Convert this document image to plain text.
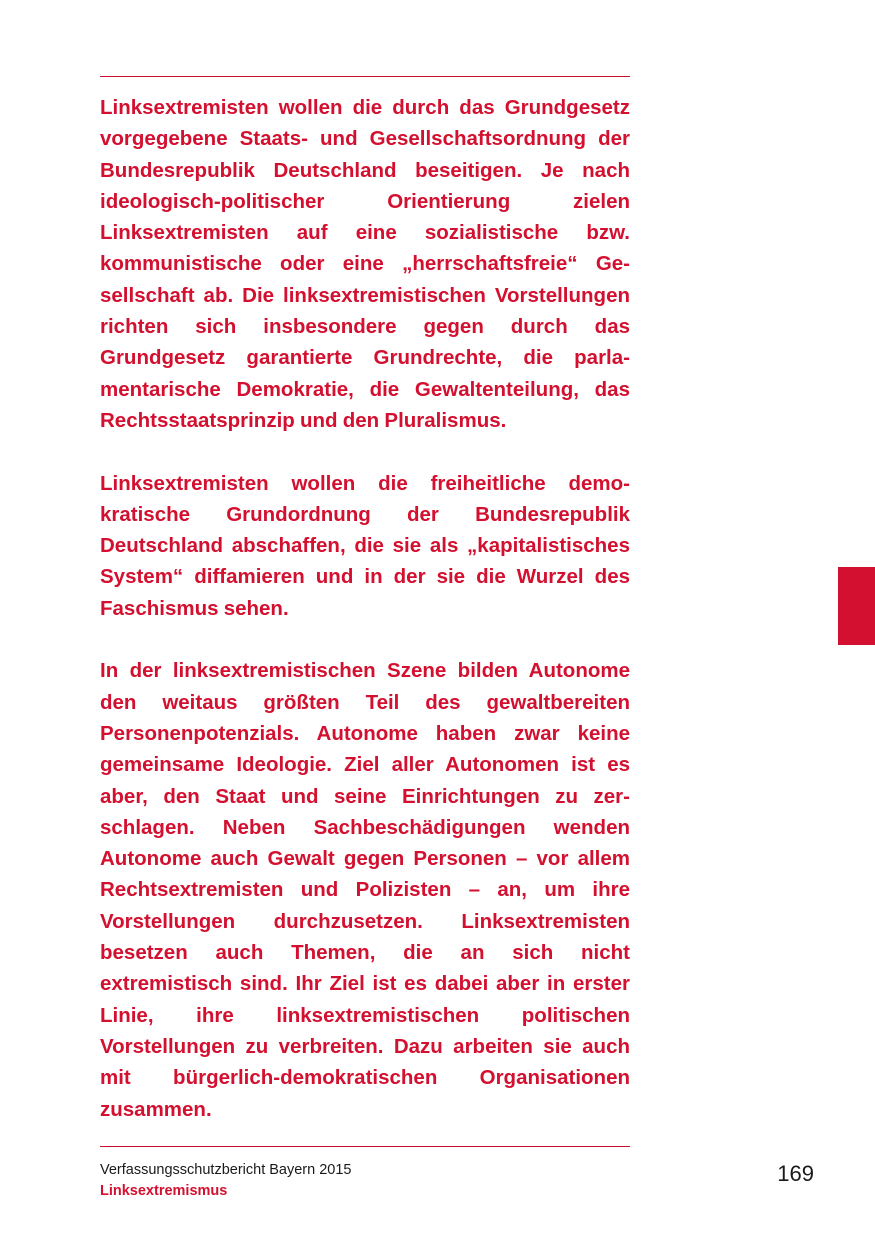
Linksextremisten wollen die durch das Grundgesetz vorgegebene Staats- und Gesellschaftsordnung der Bundesrepublik Deutschland beseitigen. Je nach ideologisch-politischer Orientierung zielen Linksextremisten auf eine sozialistische bzw. kommunistische oder eine „herrschaftsfreie“ Gesellschaft ab. Die linksextremistischen Vorstellungen richten sich insbesondere gegen durch das Grundgesetz garantierte Grundrechte, die parlamentarische Demokratie, die Gewaltenteilung, das Rechtsstaatsprinzip und den Pluralismus.

Linksextremisten wollen die freiheitliche demokratische Grundordnung der Bundesrepublik Deutschland abschaffen, die sie als „kapitalistisches System“ diffamieren und in der sie die Wurzel des Faschismus sehen.

In der linksextremistischen Szene bilden Autonome den weitaus größten Teil des gewaltbereiten Personenpotenzials. Autonome haben zwar keine gemeinsame Ideologie. Ziel aller Autonomen ist es aber, den Staat und seine Einrichtungen zu zerschlagen. Neben Sachbeschädigungen wenden Autonome auch Gewalt gegen Personen – vor allem Rechtsextremisten und Polizisten – an, um ihre Vorstellungen durchzusetzen. Linksextremisten besetzen auch Themen, die an sich nicht extremistisch sind. Ihr Ziel ist es dabei aber in erster Linie, ihre linksextremistischen politischen Vorstellungen zu verbreiten. Dazu arbeiten sie auch mit bürgerlich-demokratischen Organisationen zusammen.

Verfassungsschutzbericht Bayern 2015
Linksextremismus
169
